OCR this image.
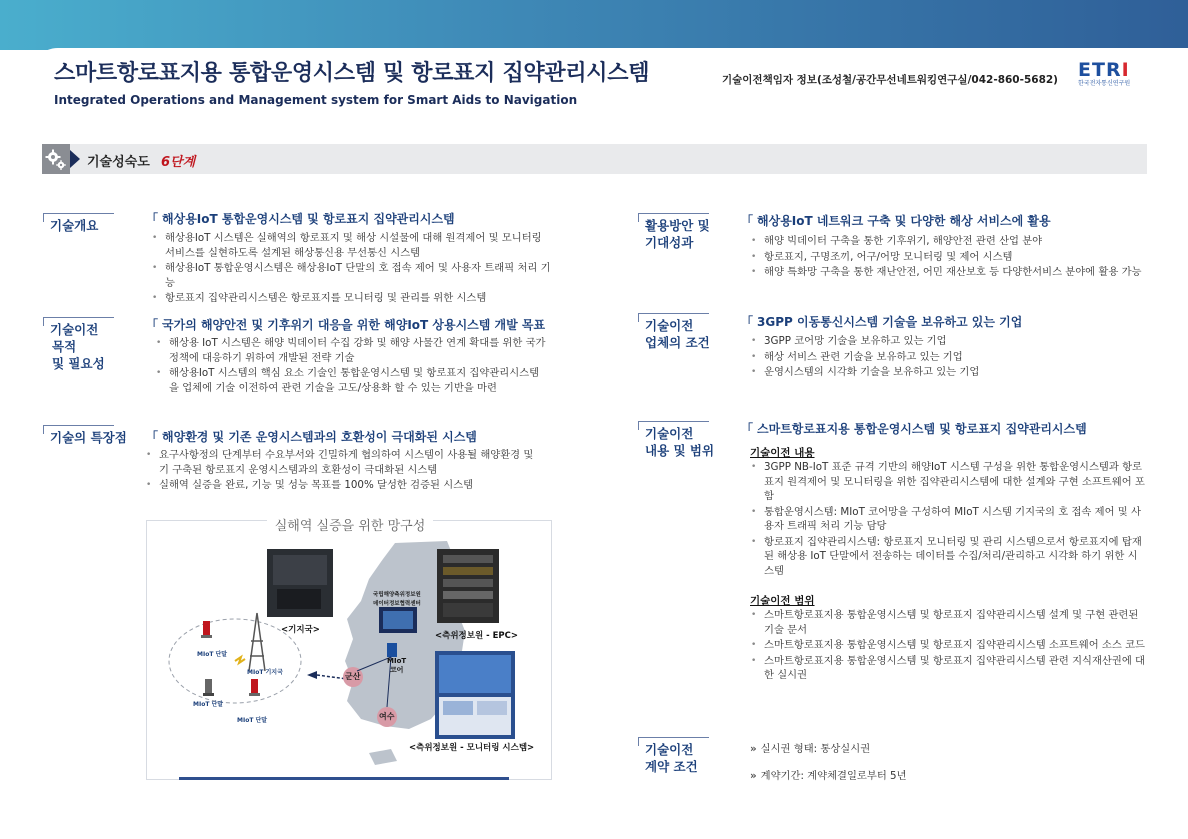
스마트항로표지용 통합운영시스템 및 항로표지 집약관리시스템
Integrated Operations and Management system for Smart Aids to Navigation
기술이전책임자 정보(조성철/공간무선네트워킹연구실/042-860-5682) ETRI
한국전자통신연구원
기술성숙도 6단계
기술개요	「 해상용IoT 통합운영시스템 및 항로표지 집약관리시스템
• 해상용IoT 시스템은 실해역의 항로표지 및 해상 시설물에 대해 원격제어 및 모니터링 서비스를 실현하도록 설계된 해상통신용 무선통신 시스템
• 해상용IoT 통합운영시스템은 해상용IoT 단말의 호 접속 제어 및 사용자 트래픽 처리 기능
• 항로표지 집약관리시스템은 항로표지를 모니터링 및 관리를 위한 시스템
기술이전
목적
및 필요성
「 국가의 해양안전 및 기후위기 대응을 위한 해양IoT 상용시스템 개발 목표
• 해상용 IoT 시스템은 해양 빅데이터 수집 강화 및 해양 사물간 연계 확대를 위한 국가 정책에 대응하기 위하여 개발된 전략 기술
• 해상용IoT 시스템의 핵심 요소 기술인 통합운영시스템 및 항로표지 집약관리시스템을 업체에 기술 이전하여 관련 기술을 고도/상용화 할 수 있는 기반을 마련
기술의 특장점 「 해양환경 및 기존 운영시스템과의 호환성이 극대화된 시스템
• 요구사항정의 단계부터 수요부서와 긴밀하게 협의하여 시스템이 사용될 해양환경 및 기 구축된 항로표지 운영시스템과의 호환성이 극대화된 시스템
• 실해역 실증을 완료, 기능 및 성능 목표를 100% 달성한 검증된 시스템
실해역 실증을 위한 망구성
<기지국>
<측위정보원 - EPC>
<측위정보원 - 모니터링 시스템>
MIoT 단말
MIoT 단말
MIoT 단말
MIoT 기지국
국립해양측위정보원
데이터정보협력센터
MIoT
코어
군산
여수
활용방안 및
기대성과
「 해상용IoT 네트워크 구축 및 다양한 해상 서비스에 활용
• 해양 빅데이터 구축을 통한 기후위기, 해양안전 관련 산업 분야
• 항로표지, 구명조끼, 어구/어망 모니터링 및 제어 시스템
• 해양 특화망 구축을 통한 재난안전, 어민 재산보호 등 다양한서비스 분야에 활용 가능
기술이전
업체의 조건
「 3GPP 이동통신시스템 기술을 보유하고 있는 기업
• 3GPP 코어망 기술을 보유하고 있는 기업
• 해상 서비스 관련 기술을 보유하고 있는 기업
• 운영시스템의 시각화 기술을 보유하고 있는 기업
기술이전
내용 및 범위
「 스마트항로표지용 통합운영시스템 및 항로표지 집약관리시스템
기술이전 내용
• 3GPP NB-IoT 표준 규격 기반의 해양IoT 시스템 구성을 위한 통합운영시스템과 항로표지 원격제어 및 모니터링을 위한 집약관리시스템에 대한 설계와 구현 소프트웨어 포함
• 통합운영시스템: MIoT 코어망을 구성하여 MIoT 시스템 기지국의 호 접속 제어 및 사용자 트래픽 처리 기능 담당
• 항로표지 집약관리시스템: 항로표지 모니터링 및 관리 시스템으로서 항로표지에 탑재된 해상용 IoT 단말에서 전송하는 데이터를 수집/처리/관리하고 시각화 하기 위한 시스템
기술이전 범위
• 스마트항로표지용 통합운영시스템 및 항로표지 집약관리시스템 설계 및 구현 관련된 기술 문서
• 스마트항로표지용 통합운영시스템 및 항로표지 집약관리시스템 소프트웨어 소스 코드
• 스마트항로표지용 통합운영시스템 및 항로표지 집약관리시스템 관련 지식재산권에 대한 실시권
기술이전
계약 조건
» 실시권 형태: 통상실시권
» 계약기간: 계약체결일로부터 5년
